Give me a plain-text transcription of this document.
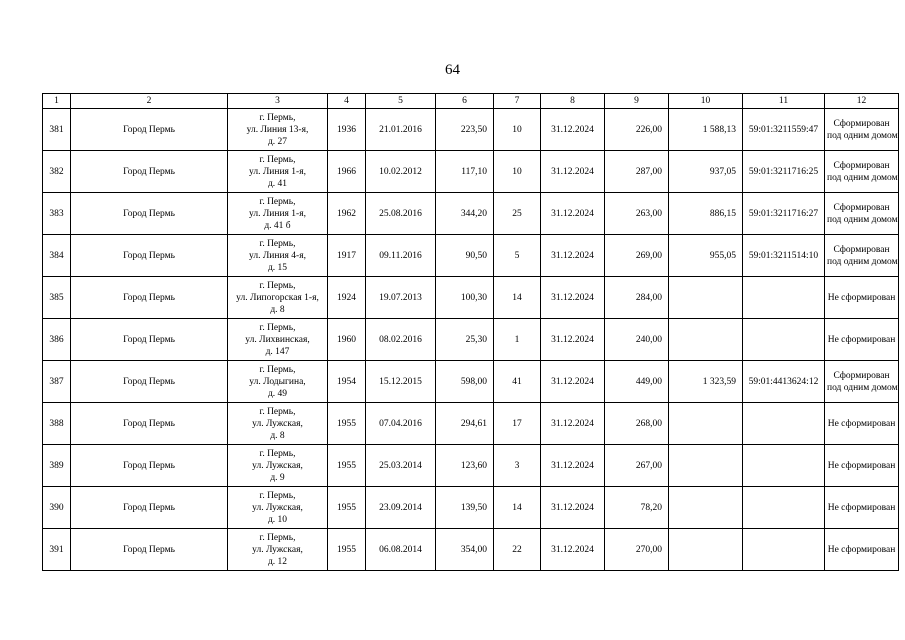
64
1	2	3	4	5	6	7	8	9	10	11	12
381	Город Пермь	г. Пермь,
ул. Линия 13-я,
д. 27	1936	21.01.2016	223,50	10	31.12.2024	226,00	1 588,13	59:01:3211559:47	Сформирован
под одним домом

382	Город Пермь	г. Пермь,
ул. Линия 1-я,
д. 41	1966	10.02.2012	117,10	10	31.12.2024	287,00	937,05	59:01:3211716:25	Сформирован
под одним домом

383	Город Пермь	г. Пермь,
ул. Линия 1-я,
д. 41 б	1962	25.08.2016	344,20	25	31.12.2024	263,00	886,15	59:01:3211716:27	Сформирован
под одним домом

384	Город Пермь	г. Пермь,
ул. Линия 4-я,
д. 15	1917	09.11.2016	90,50	5	31.12.2024	269,00	955,05	59:01:3211514:10	Сформирован
под одним домом

385	Город Пермь	г. Пермь,
ул. Липогорская 1-я,
д. 8	1924	19.07.2013	100,30	14	31.12.2024	284,00			Не сформирован

386	Город Пермь	г. Пермь,
ул. Лихвинская,
д. 147	1960	08.02.2016	25,30	1	31.12.2024	240,00			Не сформирован

387	Город Пермь	г. Пермь,
ул. Лодыгина,
д. 49	1954	15.12.2015	598,00	41	31.12.2024	449,00	1 323,59	59:01:4413624:12	Сформирован
под одним домом

388	Город Пермь	г. Пермь,
ул. Лужская,
д. 8	1955	07.04.2016	294,61	17	31.12.2024	268,00			Не сформирован

389	Город Пермь	г. Пермь,
ул. Лужская,
д. 9	1955	25.03.2014	123,60	3	31.12.2024	267,00			Не сформирован

390	Город Пермь	г. Пермь,
ул. Лужская,
д. 10	1955	23.09.2014	139,50	14	31.12.2024	78,20			Не сформирован

391	Город Пермь	г. Пермь,
ул. Лужская,
д. 12	1955	06.08.2014	354,00	22	31.12.2024	270,00			Не сформирован
